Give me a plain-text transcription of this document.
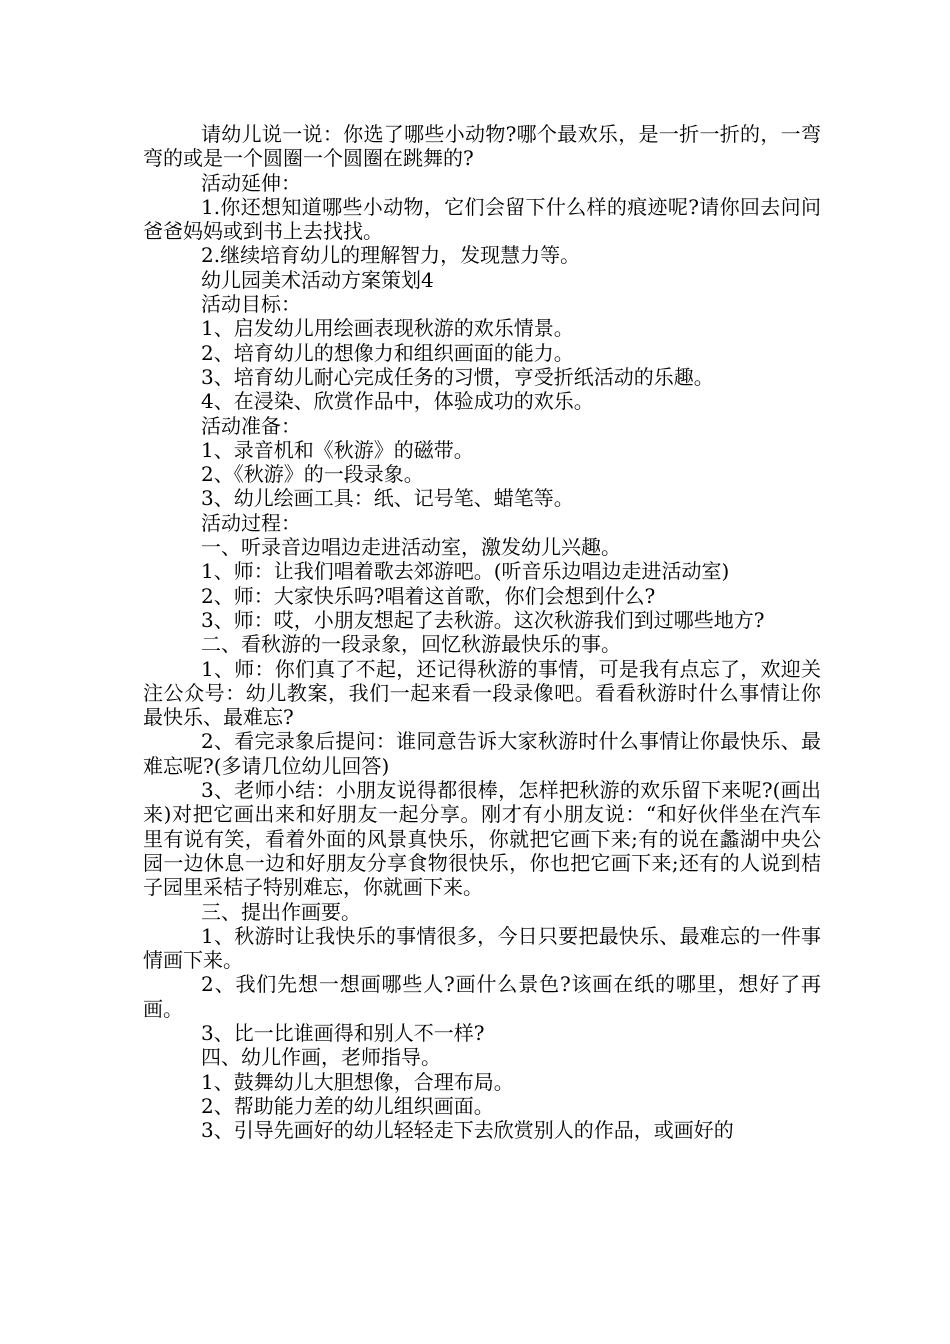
请幼儿说一说：你选了哪些小动物?哪个最欢乐，是一折一折的，一弯弯的或是一个圆圈一个圆圈在跳舞的?

活动延伸：

1.你还想知道哪些小动物，它们会留下什么样的痕迹呢?请你回去问问爸爸妈妈或到书上去找找。

2.继续培育幼儿的理解智力，发现慧力等。

幼儿园美术活动方案策划4

活动目标：

1、启发幼儿用绘画表现秋游的欢乐情景。

2、培育幼儿的想像力和组织画面的能力。

3、培育幼儿耐心完成任务的习惯，亨受折纸活动的乐趣。

4、在浸染、欣赏作品中，体验成功的欢乐。

活动准备：

1、录音机和《秋游》的磁带。

2、《秋游》的一段录象。

3、幼儿绘画工具：纸、记号笔、蜡笔等。

活动过程：

一、听录音边唱边走进活动室，激发幼儿兴趣。

1、师：让我们唱着歌去郊游吧。(听音乐边唱边走进活动室)

2、师：大家快乐吗?唱着这首歌，你们会想到什么?

3、师：哎，小朋友想起了去秋游。这次秋游我们到过哪些地方?

二、看秋游的一段录象，回忆秋游最快乐的事。

1、师：你们真了不起，还记得秋游的事情，可是我有点忘了，欢迎关注公众号：幼儿教案，我们一起来看一段录像吧。看看秋游时什么事情让你最快乐、最难忘?

2、看完录象后提问：谁同意告诉大家秋游时什么事情让你最快乐、最难忘呢?(多请几位幼儿回答)

3、老师小结：小朋友说得都很棒，怎样把秋游的欢乐留下来呢?(画出来)对把它画出来和好朋友一起分享。刚才有小朋友说：“和好伙伴坐在汽车里有说有笑，看着外面的风景真快乐，你就把它画下来;有的说在蠡湖中央公园一边休息一边和好朋友分享食物很快乐，你也把它画下来;还有的人说到桔子园里采桔子特别难忘，你就画下来。

三、提出作画要。

1、秋游时让我快乐的事情很多，今日只要把最快乐、最难忘的一件事情画下来。

2、我们先想一想画哪些人?画什么景色?该画在纸的哪里，想好了再画。

3、比一比谁画得和别人不一样?

四、幼儿作画，老师指导。

1、鼓舞幼儿大胆想像，合理布局。

2、帮助能力差的幼儿组织画面。

3、引导先画好的幼儿轻轻走下去欣赏别人的作品，或画好的
